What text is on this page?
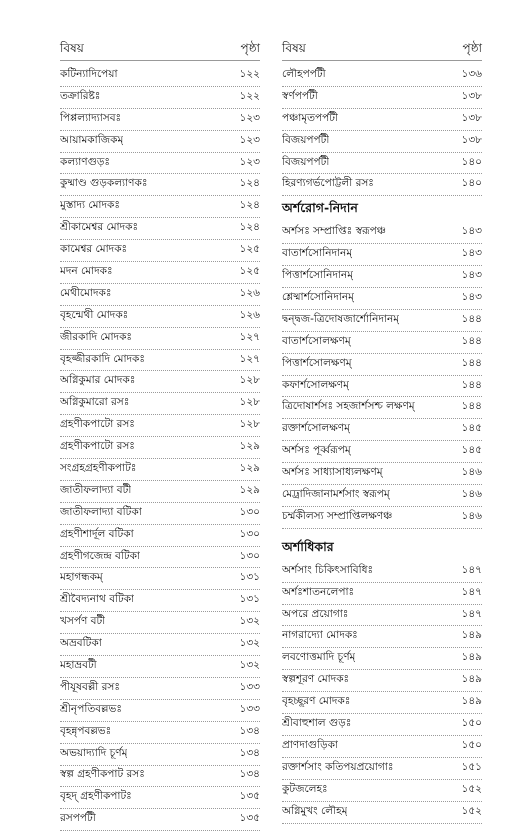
বিষয়	পৃষ্ঠা
কটিন্যাদিপেয়া	১২২
তক্রারিষ্টঃ	১২২
পিপ্পল্যাদ্যাসবঃ	১২৩
আয়ামকাজিকম্	১২৩
কল্যাণগুড়ঃ	১২৩
কুষ্মাণ্ড গুড়কল্যাণকঃ	১২৪
মুস্তাদ্য মোদকঃ	১২৪
শ্রীকামেশ্বর মোদকঃ	১২৪
কামেশ্বর মোদকঃ	১২৫
মদন মোদকঃ	১২৫
মেথীমোদকঃ	১২৬
বৃহন্মেথী মোদকঃ	১২৬
জীরকাদি মোদকঃ	১২৭
বৃহজ্জীরকাদি মোদকঃ	১২৭
অগ্নিকুমার মোদকঃ	১২৮
অগ্নিকুমারো রসঃ	১২৮
গ্রহণীকপাটো রসঃ	১২৮
গ্রহণীকপাটো রসঃ	১২৯
সংগ্রহগ্রহণীকপাটঃ	১২৯
জাতীফলাদ্যা বটী	১২৯
জাতীফলাদ্যা বটিকা	১৩০
গ্রহণীশার্দূল বটিকা	১৩০
গ্রহণীগজেন্দ্র বটিকা	১৩০
মহাগন্ধকম্	১৩১
শ্রীবৈদ্যনাথ বটিকা	১৩১
খসর্পণ বটী	১৩২
অভ্রবটিকা	১৩২
মহাভ্রবটী	১৩২
পীযূষবল্লী রসঃ	১৩৩
শ্রীনৃপতিবল্লভঃ	১৩৩
বৃহন্নৃপবল্লভঃ	১৩৪
অভয়াদ্যাদি চূর্ণম্	১৩৪
স্বল্প গ্রহণীকপাট রসঃ	১৩৪
বৃহদ্ গ্রহণীকপাটঃ	১৩৫
রসপর্পটী	১৩৫
বিষয়	পৃষ্ঠা
লৌহপর্পটী	১৩৬
স্বর্ণপর্পটী	১৩৮
পঞ্চামৃতপর্পটী	১৩৮
বিজয়পর্পটী	১৩৮
বিজয়পর্পটী	১৪০
হিরণ্যগর্ভপোট্টলী রসঃ	১৪০
অর্শরোগ-নিদান
অর্শসঃ সম্প্রাপ্তিঃ স্বরূপঞ্চ	১৪৩
বাতার্শসোনিদানম্	১৪৩
পিত্তার্শসোনিদানম্	১৪৩
শ্লেষ্মার্শসোনিদানম্	১৪৩
দ্বন্দ্বজ-ত্রিদোষজার্শোনিদানম্	১৪৪
বাতার্শসোলক্ষণম্	১৪৪
পিত্তার্শসোলক্ষণম্	১৪৪
কফার্শসোলক্ষণম্	১৪৪
ত্রিদোষার্শসঃ সহজার্শসশ্চ লক্ষণম্	১৪৪
রক্তার্শসোলক্ষণম্	১৪৫
অর্শসঃ পূর্ব্বরূপম্	১৪৫
অর্শসঃ সাধ্যাসাধ্যলক্ষণম্	১৪৬
মেঢ্রাদিজানামর্শসাং স্বরূপম্	১৪৬
চর্ম্মকীলস্য সম্প্রাপ্তিলক্ষণঞ্চ	১৪৬
অর্শাধিকার
অর্শসাং চিকিৎসাবিধিঃ	১৪৭
অর্শঃশাতনলেপাঃ	১৪৭
অপরে প্রয়োগাঃ	১৪৭
নাগরাদ্যো মোদকঃ	১৪৯
লবণোত্তমাদি চূর্ণম্	১৪৯
স্বল্পশূরণ মোদকঃ	১৪৯
বৃহচ্ছূরণ মোদকঃ	১৪৯
শ্রীবাহুশাল গুড়ঃ	১৫০
প্রাণদাগুড়িকা	১৫০
রক্তার্শসাং কতিপয়প্রয়োগাঃ	১৫১
কুটজলেহঃ	১৫২
অগ্নিমুখং লৌহম্	১৫২
